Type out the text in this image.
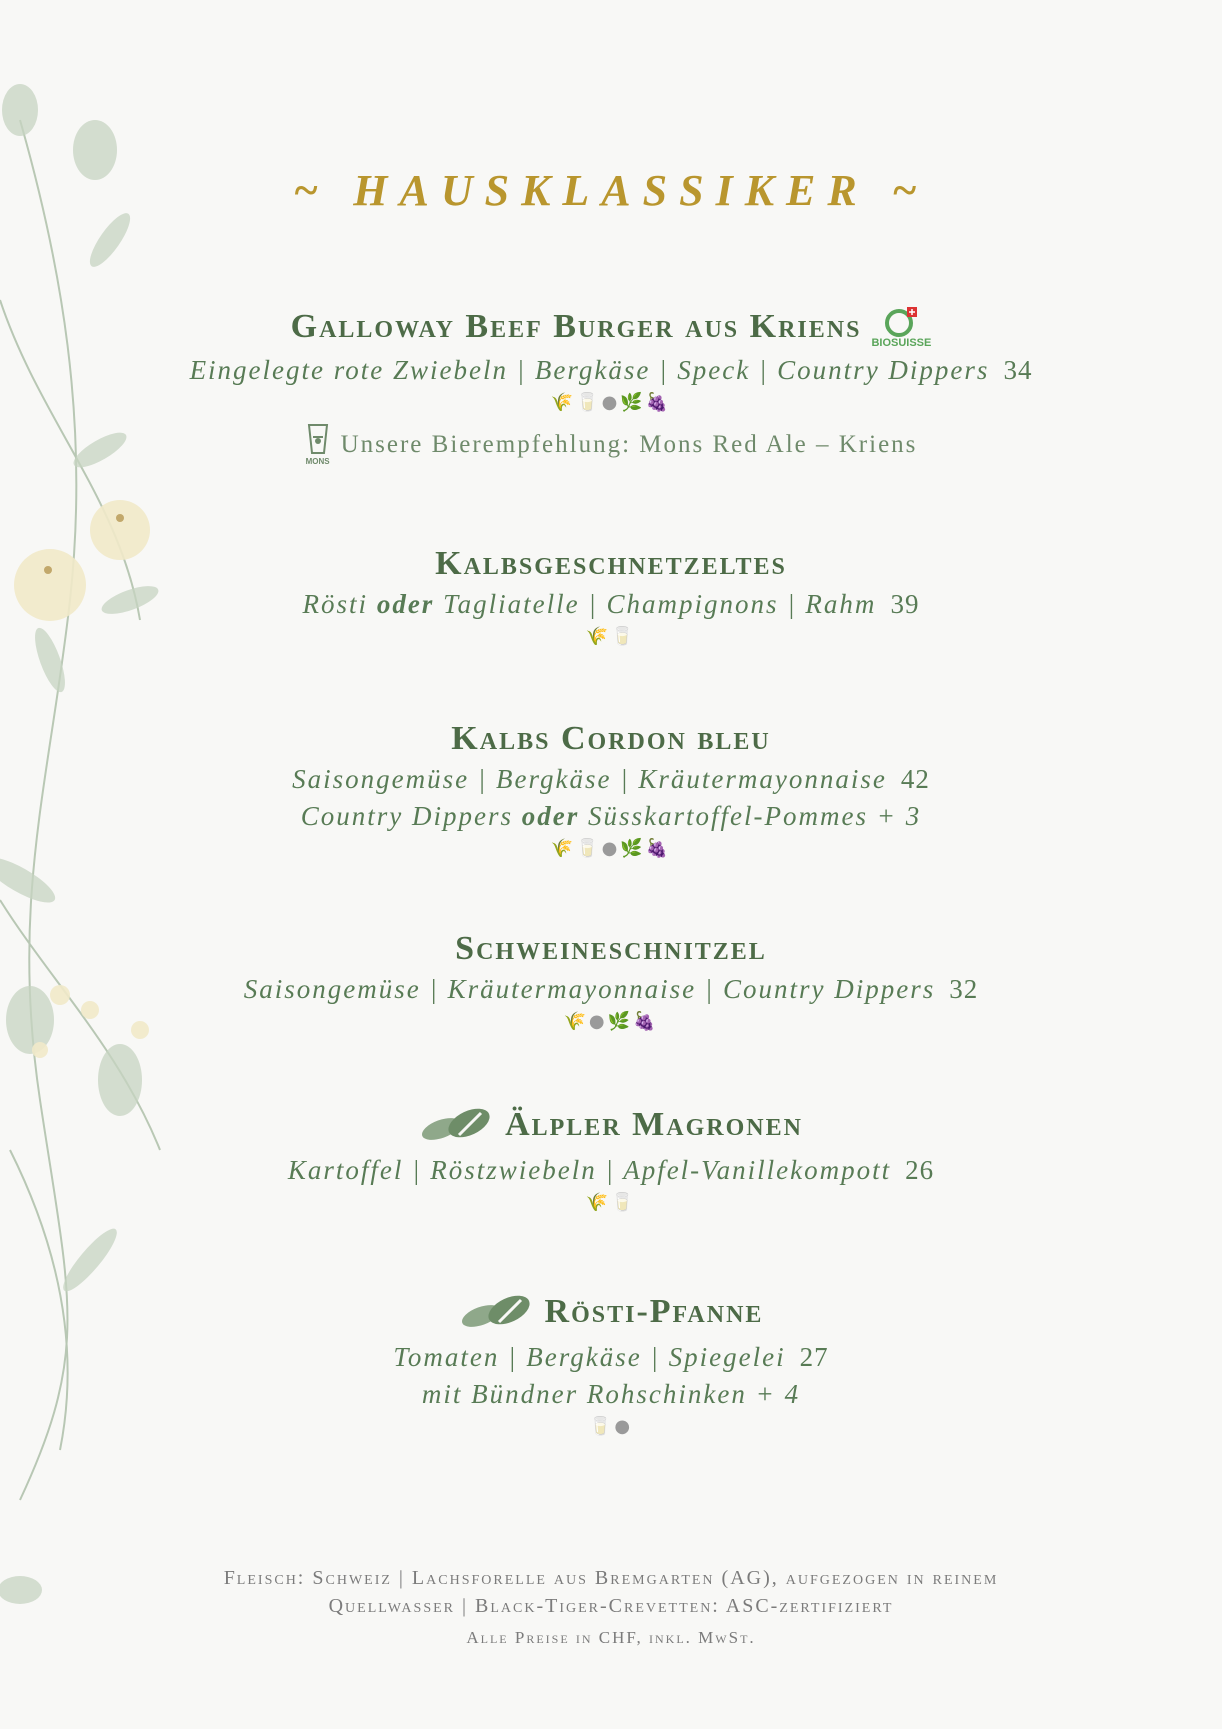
~ HAUSKLASSIKER ~
Galloway Beef Burger aus Kriens BIOSUISSE
Eingelegte rote Zwiebeln | Bergkäse | Speck | Country Dippers 34
🌾🥛●🌿🍇
MONS
Unsere Bierempfehlung: Mons Red Ale – Kriens
Kalbsgeschnetzeltes
Rösti oder Tagliatelle | Champignons | Rahm 39
🌾🥛
Kalbs Cordon bleu
Saisongemüse | Bergkäse | Kräutermayonnaise 42
Country Dippers oder Süsskartoffel-Pommes + 3
🌾🥛●🌿🍇
Schweineschnitzel
Saisongemüse | Kräutermayonnaise | Country Dippers 32
🌾●🌿🍇
Älpler Magronen
Kartoffel | Röstzwiebeln | Apfel-Vanillekompott 26
🌾🥛
Rösti-Pfanne
Tomaten | Bergkäse | Spiegelei 27
mit Bündner Rohschinken + 4
🥛●
Fleisch: Schweiz | Lachsforelle aus Bremgarten (AG), aufgezogen in reinem
Quellwasser | Black-Tiger-Crevetten: ASC-zertifiziert
Alle Preise in CHF, inkl. MwSt.
